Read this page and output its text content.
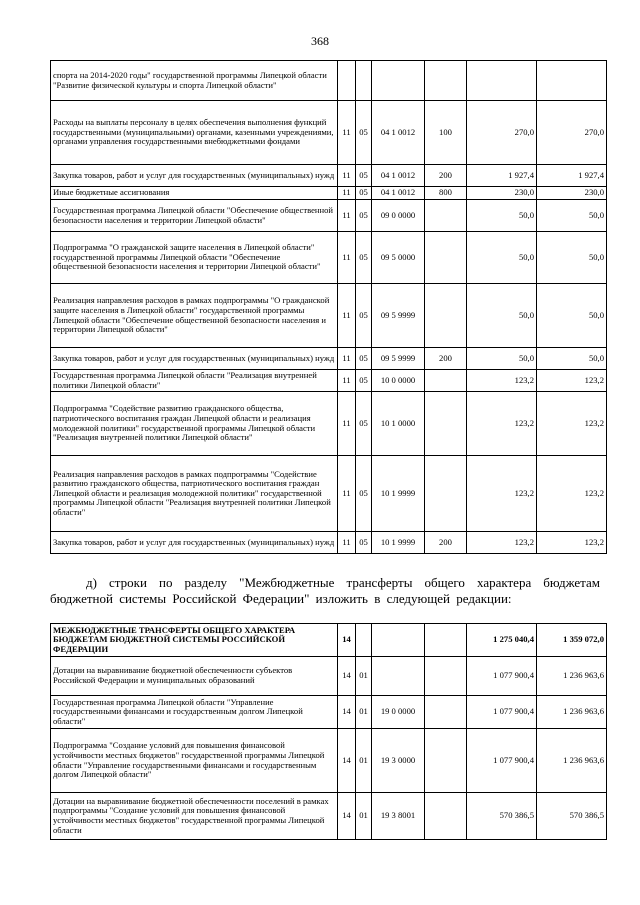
368
спорта на 2014-2020 годы" государственной программы Липецкой области "Развитие физической культуры и спорта Липецкой области"						
Расходы на выплаты персоналу в целях обеспечения выполнения функций государственными (муниципальными) органами, казенными учреждениями, органами управления государственными внебюджетными фондами	11	05	04 1 0012	100	270,0	270,0
Закупка товаров, работ и услуг для государственных (муниципальных) нужд	11	05	04 1 0012	200	1 927,4	1 927,4
Иные бюджетные ассигнования	11	05	04 1 0012	800	230,0	230,0
Государственная программа Липецкой области "Обеспечение общественной безопасности населения и территории Липецкой области"	11	05	09 0 0000		50,0	50,0
Подпрограмма "О гражданской защите населения в Липецкой области" государственной программы Липецкой области "Обеспечение общественной безопасности населения и территории Липецкой области"	11	05	09 5 0000		50,0	50,0
Реализация направления расходов в рамках подпрограммы "О гражданской защите населения в Липецкой области" государственной программы Липецкой области "Обеспечение общественной безопасности населения и территории Липецкой области"	11	05	09 5 9999		50,0	50,0
Закупка товаров, работ и услуг для государственных (муниципальных) нужд	11	05	09 5 9999	200	50,0	50,0
Государственная программа Липецкой области "Реализация внутренней политики Липецкой области"	11	05	10 0 0000		123,2	123,2
Подпрограмма "Содействие развитию гражданского общества, патриотического воспитания граждан Липецкой области и реализация молодежной политики" государственной программы Липецкой области "Реализация внутренней политики Липецкой области"	11	05	10 1 0000		123,2	123,2
Реализация направления расходов в рамках подпрограммы "Содействие развитию гражданского общества, патриотического воспитания граждан Липецкой области и реализация молодежной политики" государственной программы Липецкой области "Реализация внутренней политики Липецкой области"	11	05	10 1 9999		123,2	123,2
Закупка товаров, работ и услуг для государственных (муниципальных) нужд	11	05	10 1 9999	200	123,2	123,2
д) строки по разделу "Межбюджетные трансферты общего характера бюджетам бюджетной системы Российской Федерации" изложить в следующей редакции:
МЕЖБЮДЖЕТНЫЕ ТРАНСФЕРТЫ ОБЩЕГО ХАРАКТЕРА БЮДЖЕТАМ БЮДЖЕТНОЙ СИСТЕМЫ РОССИЙСКОЙ ФЕДЕРАЦИИ	14				1 275 040,4	1 359 072,0
Дотации на выравнивание бюджетной обеспеченности субъектов Российской Федерации и муниципальных образований	14	01			1 077 900,4	1 236 963,6
Государственная программа Липецкой области "Управление государственными финансами и государственным долгом Липецкой области"	14	01	19 0 0000		1 077 900,4	1 236 963,6
Подпрограмма "Создание условий для повышения финансовой устойчивости местных бюджетов" государственной программы Липецкой области "Управление государственными финансами и государственным долгом Липецкой области"	14	01	19 3 0000		1 077 900,4	1 236 963,6
Дотации на выравнивание бюджетной обеспеченности поселений в рамках подпрограммы "Создание условий для повышения финансовой устойчивости местных бюджетов" государственной программы Липецкой области	14	01	19 3 8001		570 386,5	570 386,5
